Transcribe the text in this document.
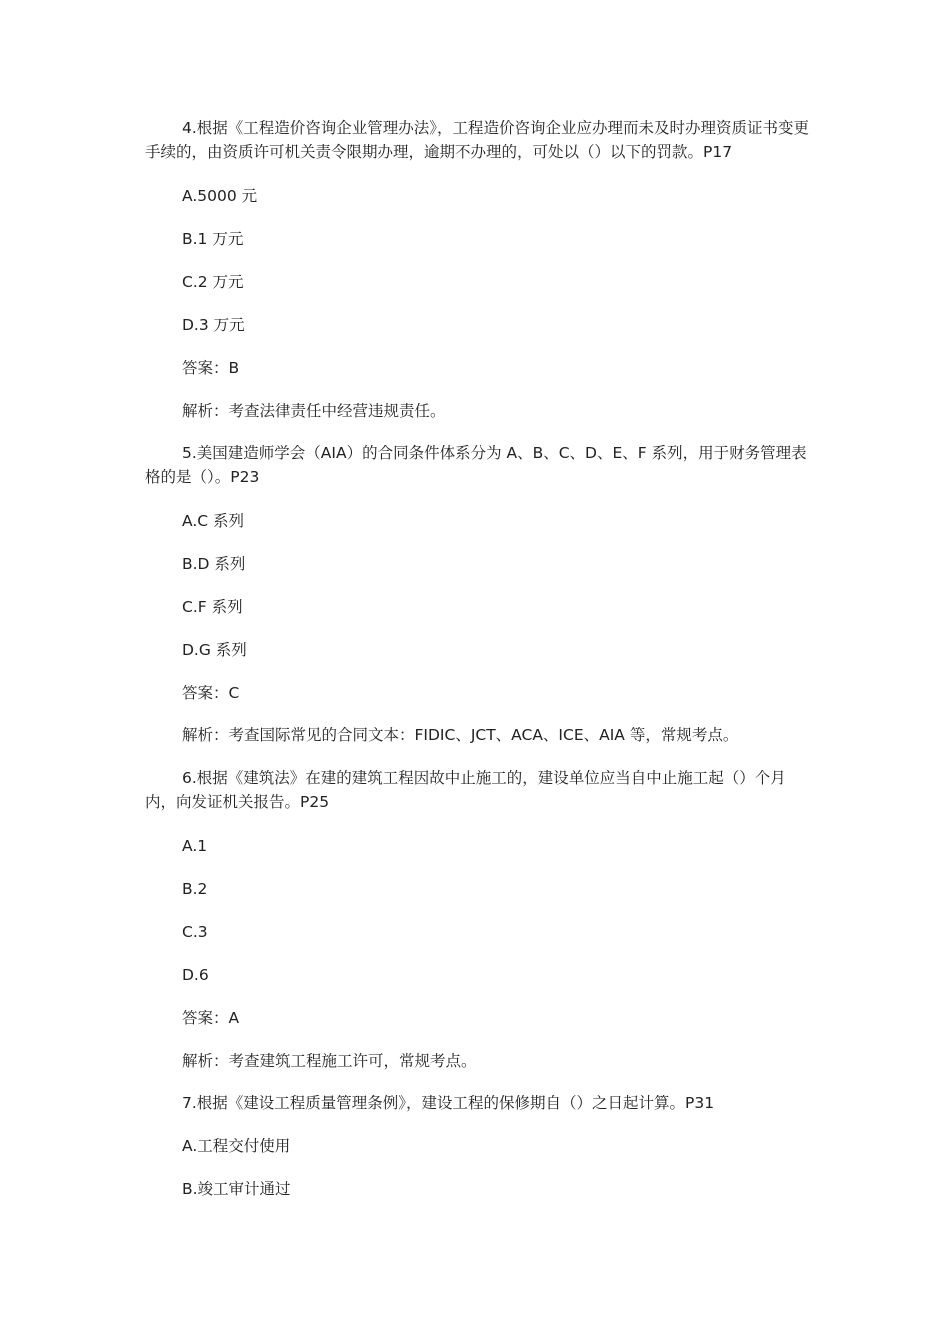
4.根据《工程造价咨询企业管理办法》，工程造价咨询企业应办理而未及时办理资质证书变更手续的，由资质许可机关责令限期办理，逾期不办理的，可处以（）以下的罚款。P17

A.5000 元

B.1 万元

C.2 万元

D.3 万元

答案：B

解析：考查法律责任中经营违规责任。

5.美国建造师学会（AIA）的合同条件体系分为 A、B、C、D、E、F 系列，用于财务管理表格的是（）。P23

A.C 系列

B.D 系列

C.F 系列

D.G 系列

答案：C

解析：考查国际常见的合同文本：FIDIC、JCT、ACA、ICE、AIA 等，常规考点。

6.根据《建筑法》在建的建筑工程因故中止施工的，建设单位应当自中止施工起（）个月内，向发证机关报告。P25

A.1

B.2

C.3

D.6

答案：A

解析：考查建筑工程施工许可，常规考点。

7.根据《建设工程质量管理条例》，建设工程的保修期自（）之日起计算。P31

A.工程交付使用

B.竣工审计通过
